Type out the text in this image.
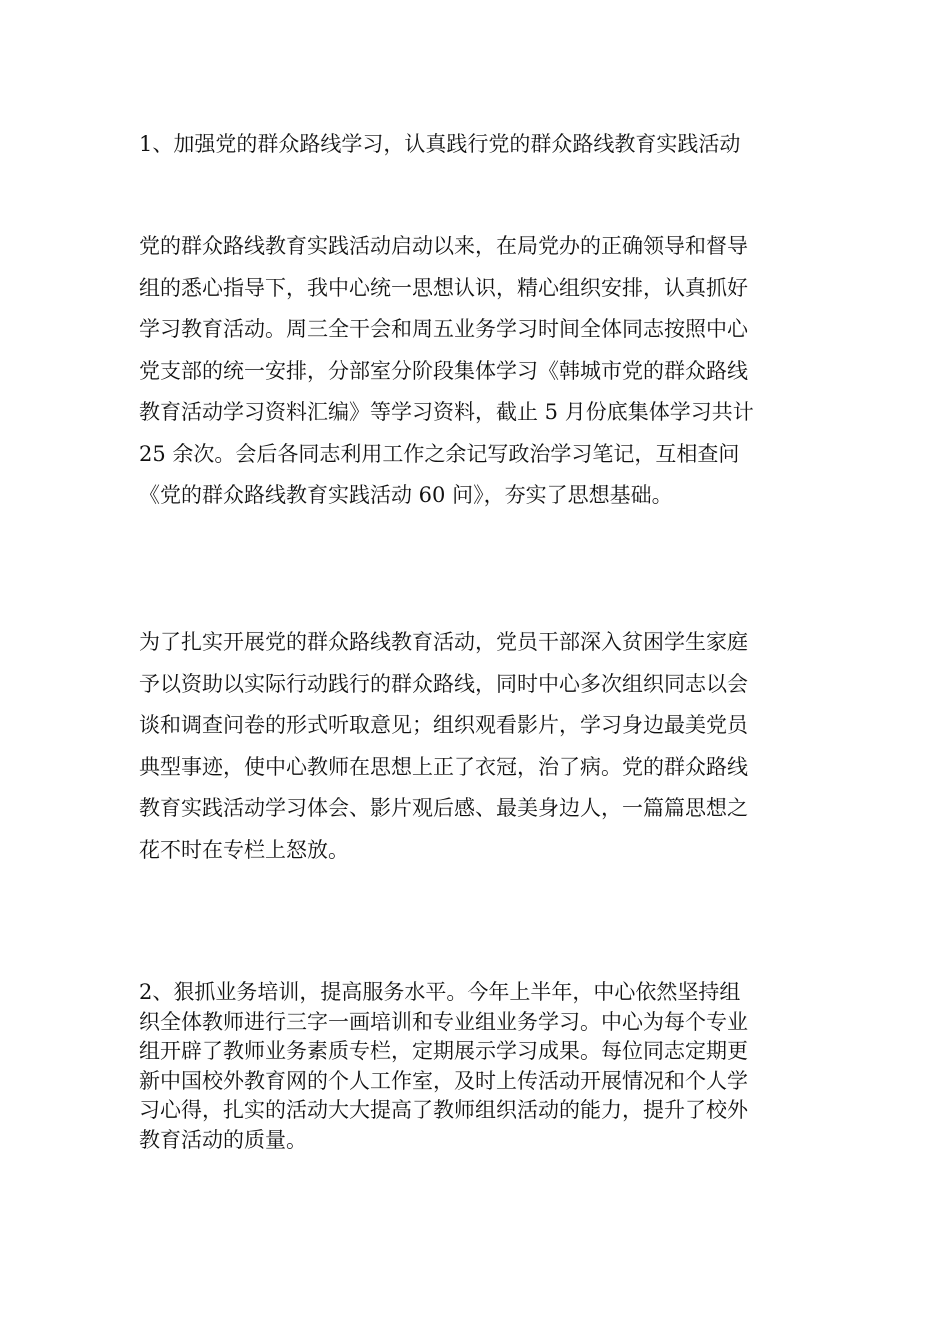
1、加强党的群众路线学习，认真践行党的群众路线教育实践活动

党的群众路线教育实践活动启动以来，在局党办的正确领导和督导
组的悉心指导下，我中心统一思想认识，精心组织安排，认真抓好
学习教育活动。周三全干会和周五业务学习时间全体同志按照中心
党支部的统一安排，分部室分阶段集体学习《韩城市党的群众路线
教育活动学习资料汇编》等学习资料，截止 5 月份底集体学习共计
25 余次。会后各同志利用工作之余记写政治学习笔记，互相查问
《党的群众路线教育实践活动 60 问》，夯实了思想基础。

为了扎实开展党的群众路线教育活动，党员干部深入贫困学生家庭
予以资助以实际行动践行的群众路线，同时中心多次组织同志以会
谈和调查问卷的形式听取意见；组织观看影片，学习身边最美党员
典型事迹，使中心教师在思想上正了衣冠，治了病。党的群众路线
教育实践活动学习体会、影片观后感、最美身边人，一篇篇思想之
花不时在专栏上怒放。

2、狠抓业务培训，提高服务水平。今年上半年，中心依然坚持组
织全体教师进行三字一画培训和专业组业务学习。中心为每个专业
组开辟了教师业务素质专栏，定期展示学习成果。每位同志定期更
新中国校外教育网的个人工作室，及时上传活动开展情况和个人学
习心得，扎实的活动大大提高了教师组织活动的能力，提升了校外
教育活动的质量。
